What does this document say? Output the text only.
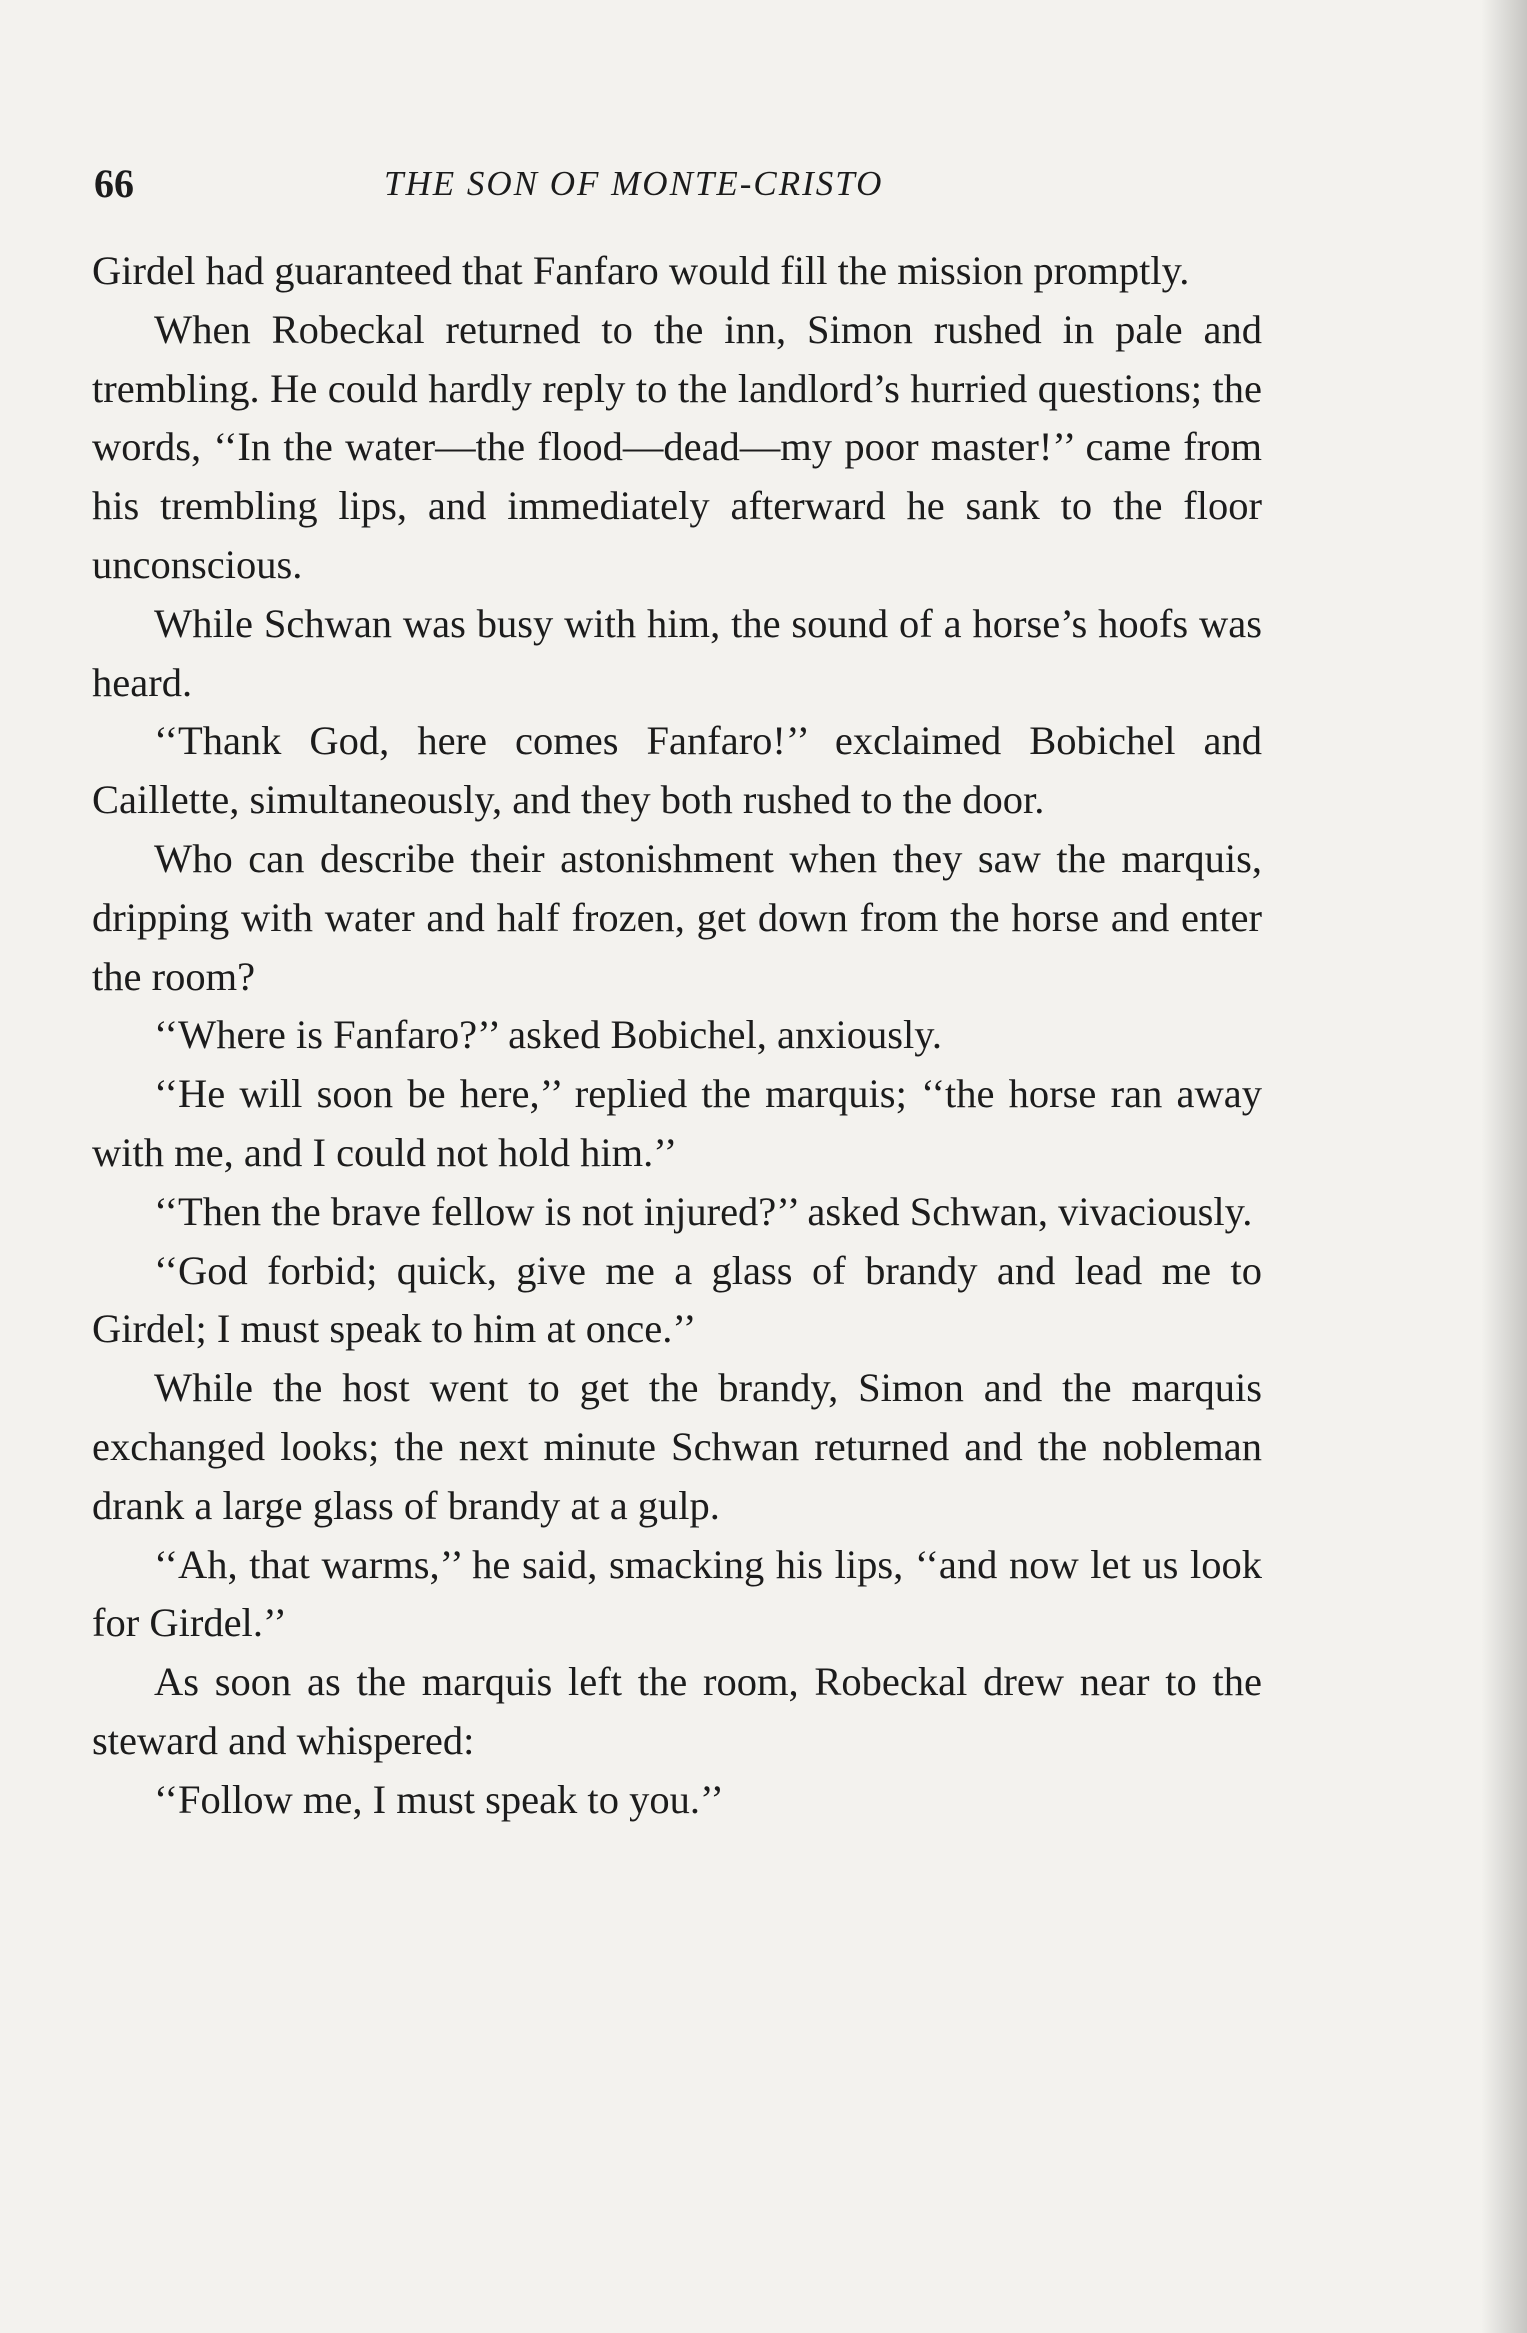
66	THE SON OF MONTE-CRISTO

Girdel had guaranteed that Fanfaro would fill the mission promptly.

When Robeckal returned to the inn, Simon rushed in pale and trembling. He could hardly reply to the landlord’s hurried questions; the words, ‘‘In the water—the flood—dead—my poor master!’’ came from his trembling lips, and immediately afterward he sank to the floor unconscious.

While Schwan was busy with him, the sound of a horse’s hoofs was heard.

‘‘Thank God, here comes Fanfaro!’’ exclaimed Bobichel and Caillette, simultaneously, and they both rushed to the door.

Who can describe their astonishment when they saw the marquis, dripping with water and half frozen, get down from the horse and enter the room?

‘‘Where is Fanfaro?’’ asked Bobichel, anxiously.

‘‘He will soon be here,’’ replied the marquis; ‘‘the horse ran away with me, and I could not hold him.’’

‘‘Then the brave fellow is not injured?’’ asked Schwan, vivaciously.

‘‘God forbid; quick, give me a glass of brandy and lead me to Girdel; I must speak to him at once.’’

While the host went to get the brandy, Simon and the marquis exchanged looks; the next minute Schwan returned and the nobleman drank a large glass of brandy at a gulp.

‘‘Ah, that warms,’’ he said, smacking his lips, ‘‘and now let us look for Girdel.’’

As soon as the marquis left the room, Robeckal drew near to the steward and whispered:

‘‘Follow me, I must speak to you.’’
